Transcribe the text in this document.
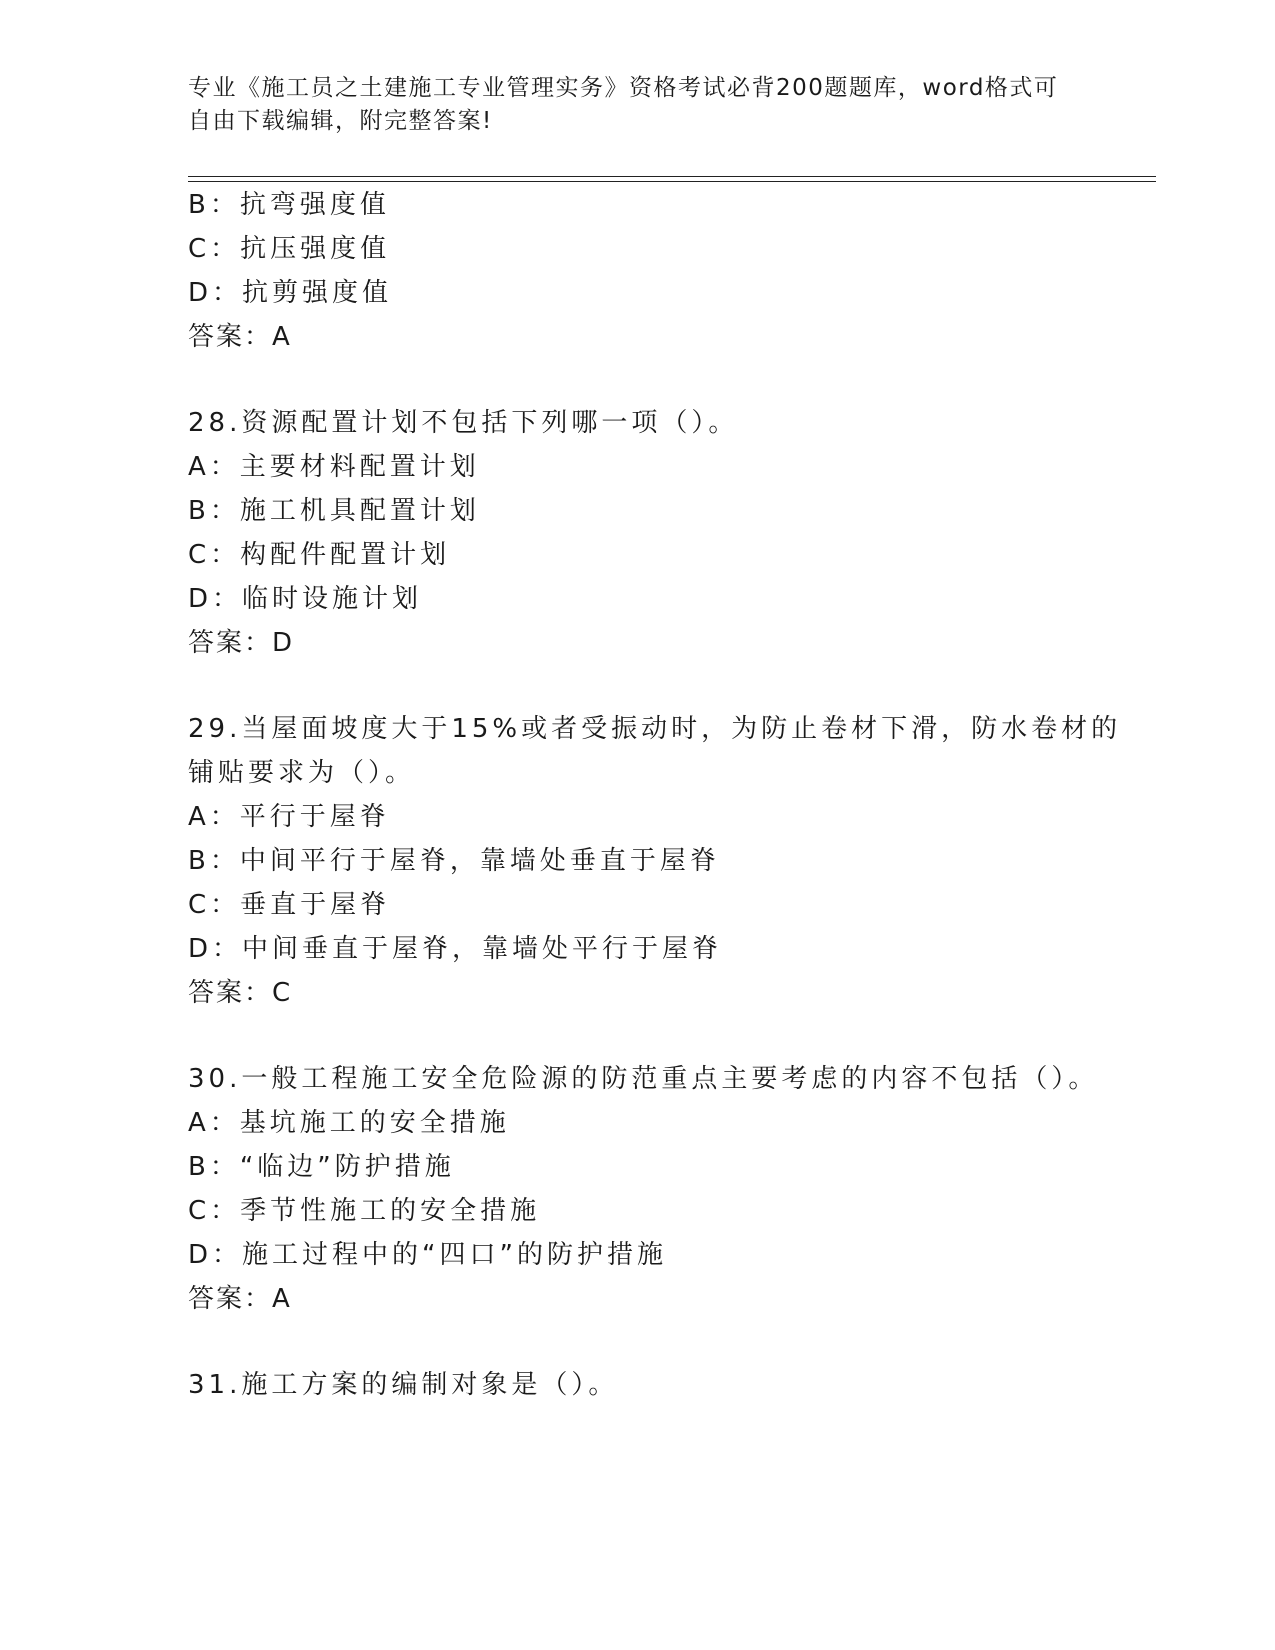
专业《施工员之土建施工专业管理实务》资格考试必背200题题库，word格式可
自由下载编辑，附完整答案!
B：抗弯强度值
C：抗压强度值
D：抗剪强度值
答案：A
28.资源配置计划不包括下列哪一项（）。
A：主要材料配置计划
B：施工机具配置计划
C：构配件配置计划
D：临时设施计划
答案：D
29.当屋面坡度大于15%或者受振动时，为防止卷材下滑，防水卷材的
铺贴要求为（）。
A：平行于屋脊
B：中间平行于屋脊，靠墙处垂直于屋脊
C：垂直于屋脊
D：中间垂直于屋脊，靠墙处平行于屋脊
答案：C
30.一般工程施工安全危险源的防范重点主要考虑的内容不包括（）。
A：基坑施工的安全措施
B：“临边”防护措施
C：季节性施工的安全措施
D：施工过程中的“四口”的防护措施
答案：A
31.施工方案的编制对象是（）。
